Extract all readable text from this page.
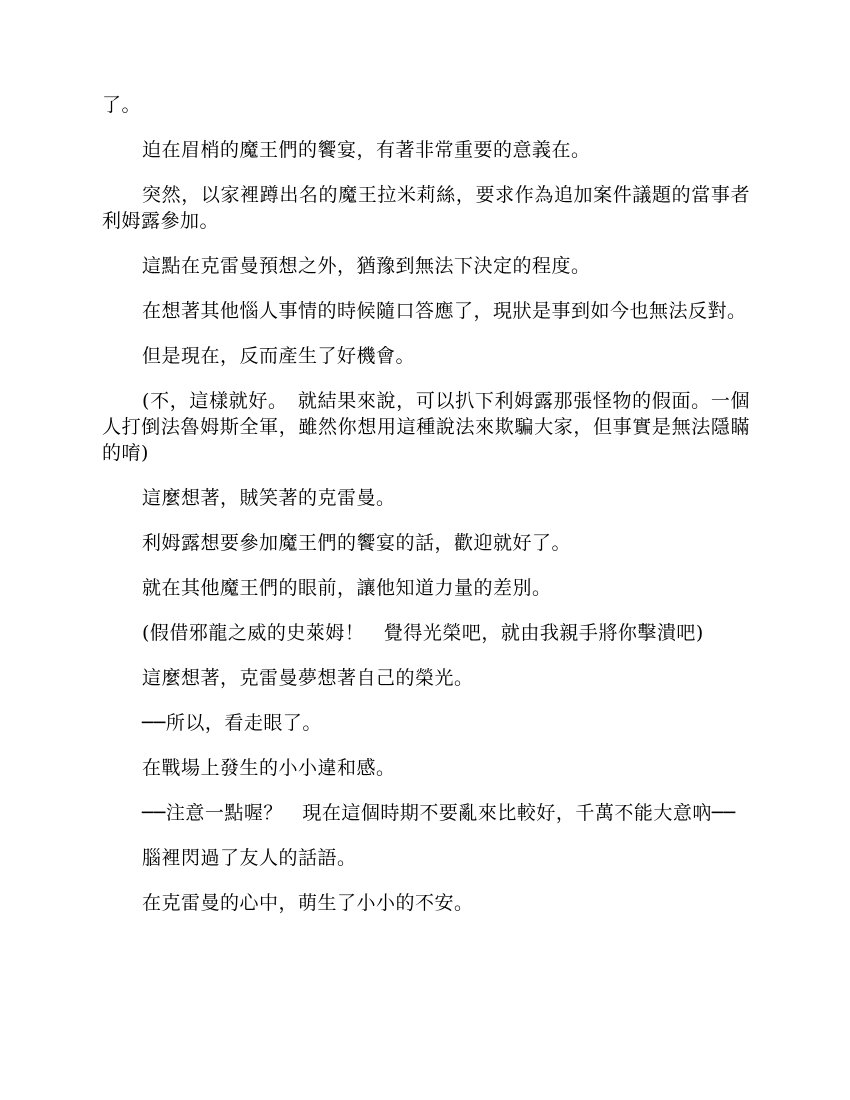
了。

迫在眉梢的魔王們的饗宴，有著非常重要的意義在。

突然，以家裡蹲出名的魔王拉米莉絲，要求作為追加案件議題的當事者利姆露參加。

這點在克雷曼預想之外，猶豫到無法下決定的程度。

在想著其他惱人事情的時候隨口答應了，現狀是事到如今也無法反對。

但是現在，反而產生了好機會。

(不，這樣就好。　就結果來說，可以扒下利姆露那張怪物的假面。一個人打倒法魯姆斯全軍，雖然你想用這種說法來欺騙大家，但事實是無法隱瞞的唷)

這麼想著，賊笑著的克雷曼。

利姆露想要參加魔王們的饗宴的話，歡迎就好了。

就在其他魔王們的眼前，讓他知道力量的差別。

(假借邪龍之威的史萊姆！　覺得光榮吧，就由我親手將你擊潰吧)

這麼想著，克雷曼夢想著自己的榮光。

──所以，看走眼了。

在戰場上發生的小小違和感。

──注意一點喔？　現在這個時期不要亂來比較好，千萬不能大意吶──

腦裡閃過了友人的話語。

在克雷曼的心中，萌生了小小的不安。
